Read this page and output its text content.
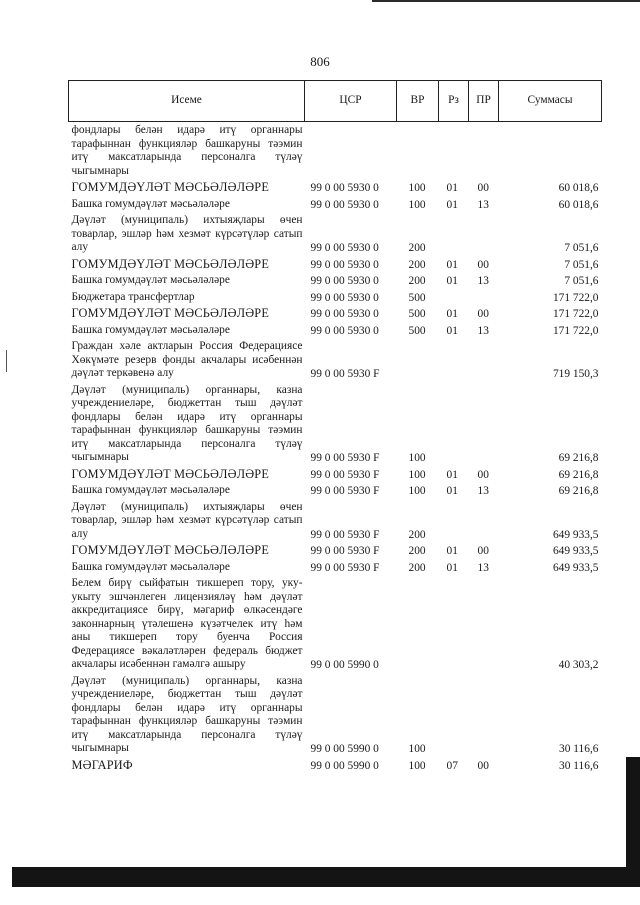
806
Исеме	ЦСР	ВР	Рз	ПР	Суммасы
фондлары белән идарә итү органнары тарафыннан функцияләр башкаруны тәэмин итү максатларында персоналга түләү чыгымнары					
ГОМУМДӘҮЛӘТ МӘСЬӘЛӘЛӘРЕ	99 0 00 5930 0	100	01	00	60 018,6
Башка гомумдәүләт мәсьәләләре	99 0 00 5930 0	100	01	13	60 018,6
Дәүләт (муниципаль) ихтыяҗлары өчен товарлар, эшләр һәм хезмәт күрсәтүләр сатып алу	99 0 00 5930 0	200			7 051,6
ГОМУМДӘҮЛӘТ МӘСЬӘЛӘЛӘРЕ	99 0 00 5930 0	200	01	00	7 051,6
Башка гомумдәүләт мәсьәләләре	99 0 00 5930 0	200	01	13	7 051,6
Бюджетара трансфертлар	99 0 00 5930 0	500			171 722,0
ГОМУМДӘҮЛӘТ МӘСЬӘЛӘЛӘРЕ	99 0 00 5930 0	500	01	00	171 722,0
Башка гомумдәүләт мәсьәләләре	99 0 00 5930 0	500	01	13	171 722,0
Граждан хәле актларын Россия Федерациясе Хөкүмәте резерв фонды акчалары исәбеннән дәүләт теркәвенә алу	99 0 00 5930 F				719 150,3
Дәүләт (муниципаль) органнары, казна учреждениеләре, бюджеттан тыш дәүләт фондлары белән идарә итү органнары тарафыннан функцияләр башкаруны тәэмин итү максатларында персоналга түләү чыгымнары	99 0 00 5930 F	100			69 216,8
ГОМУМДӘҮЛӘТ МӘСЬӘЛӘЛӘРЕ	99 0 00 5930 F	100	01	00	69 216,8
Башка гомумдәүләт мәсьәләләре	99 0 00 5930 F	100	01	13	69 216,8
Дәүләт (муниципаль) ихтыяҗлары өчен товарлар, эшләр һәм хезмәт күрсәтүләр сатып алу	99 0 00 5930 F	200			649 933,5
ГОМУМДӘҮЛӘТ МӘСЬӘЛӘЛӘРЕ	99 0 00 5930 F	200	01	00	649 933,5
Башка гомумдәүләт мәсьәләләре	99 0 00 5930 F	200	01	13	649 933,5
Белем бирү сыйфатын тикшереп тору, уку-укыту эшчәнлеген лицензияләү һәм дәүләт аккредитациясе бирү, мәгариф өлкәсендәге законнарның үтәлешенә күзәтчелек итү һәм аны тикшереп тору буенча Россия Федерациясе вәкаләтләрен федераль бюджет акчалары исәбеннән гамәлгә ашыру	99 0 00 5990 0				40 303,2
Дәүләт (муниципаль) органнары, казна учреждениеләре, бюджеттан тыш дәүләт фондлары белән идарә итү органнары тарафыннан функцияләр башкаруны тәэмин итү максатларында персоналга түләү чыгымнары	99 0 00 5990 0	100			30 116,6
МӘГАРИФ	99 0 00 5990 0	100	07	00	30 116,6
